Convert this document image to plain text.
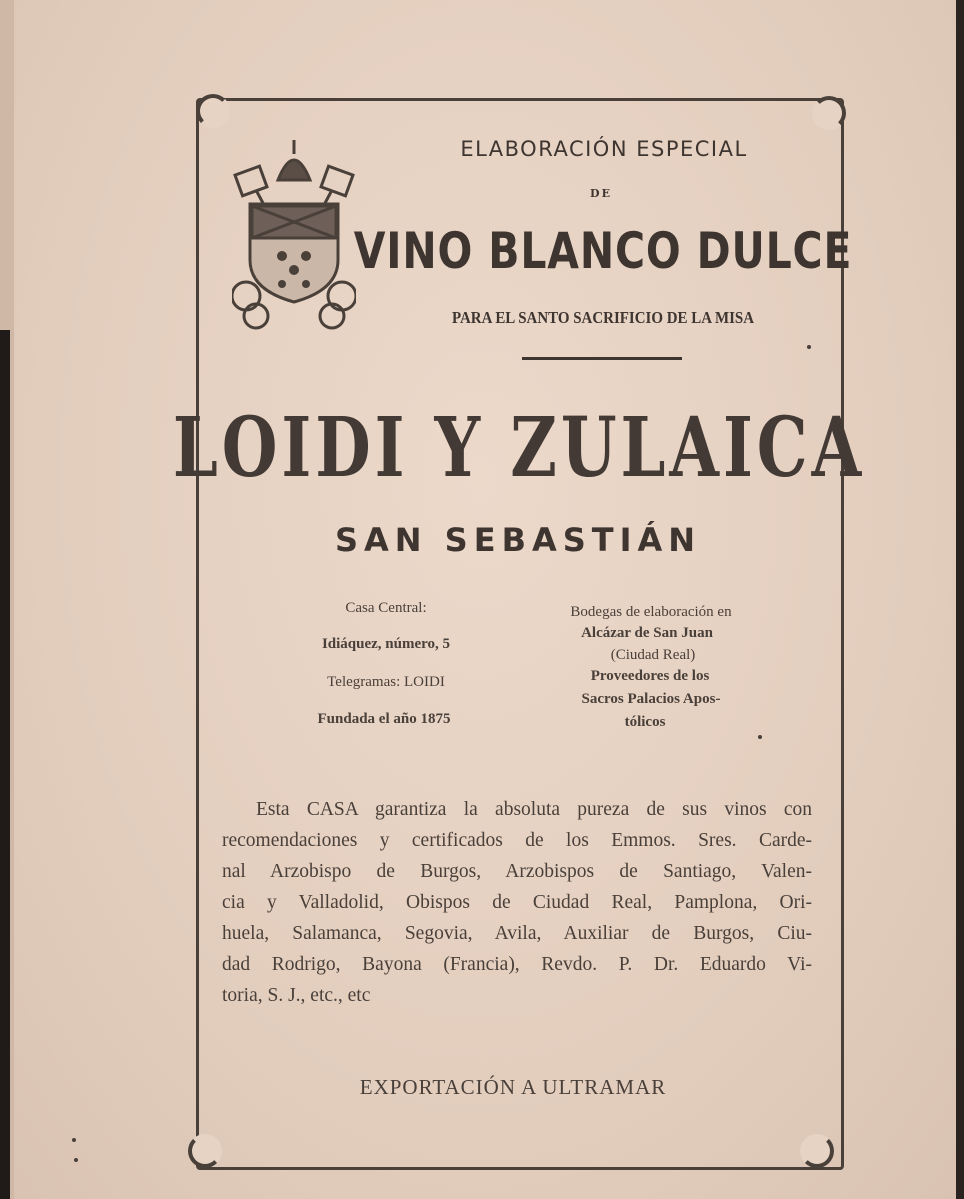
ELABORACIÓN ESPECIAL
DE
VINO BLANCO DULCE
PARA EL SANTO SACRIFICIO DE LA MISA
LOIDI Y ZULAICA
SAN SEBASTIÁN
Casa Central:
Idiáquez, número, 5
Telegramas: LOIDI
Fundada el año 1875
Bodegas de elaboración en
Alcázar de San Juan
(Ciudad Real)
Proveedores de los
Sacros Palacios Apos-
tólicos
Esta CASA garantiza la absoluta pureza de sus vinos con
recomendaciones y certificados de los Emmos. Sres. Carde-
nal Arzobispo de Burgos, Arzobispos de Santiago, Valen-
cia y Valladolid, Obispos de Ciudad Real, Pamplona, Ori-
huela, Salamanca, Segovia, Avila, Auxiliar de Burgos, Ciu-
dad Rodrigo, Bayona (Francia), Revdo. P. Dr. Eduardo Vi-
toria, S. J., etc., etc
EXPORTACIÓN A ULTRAMAR
